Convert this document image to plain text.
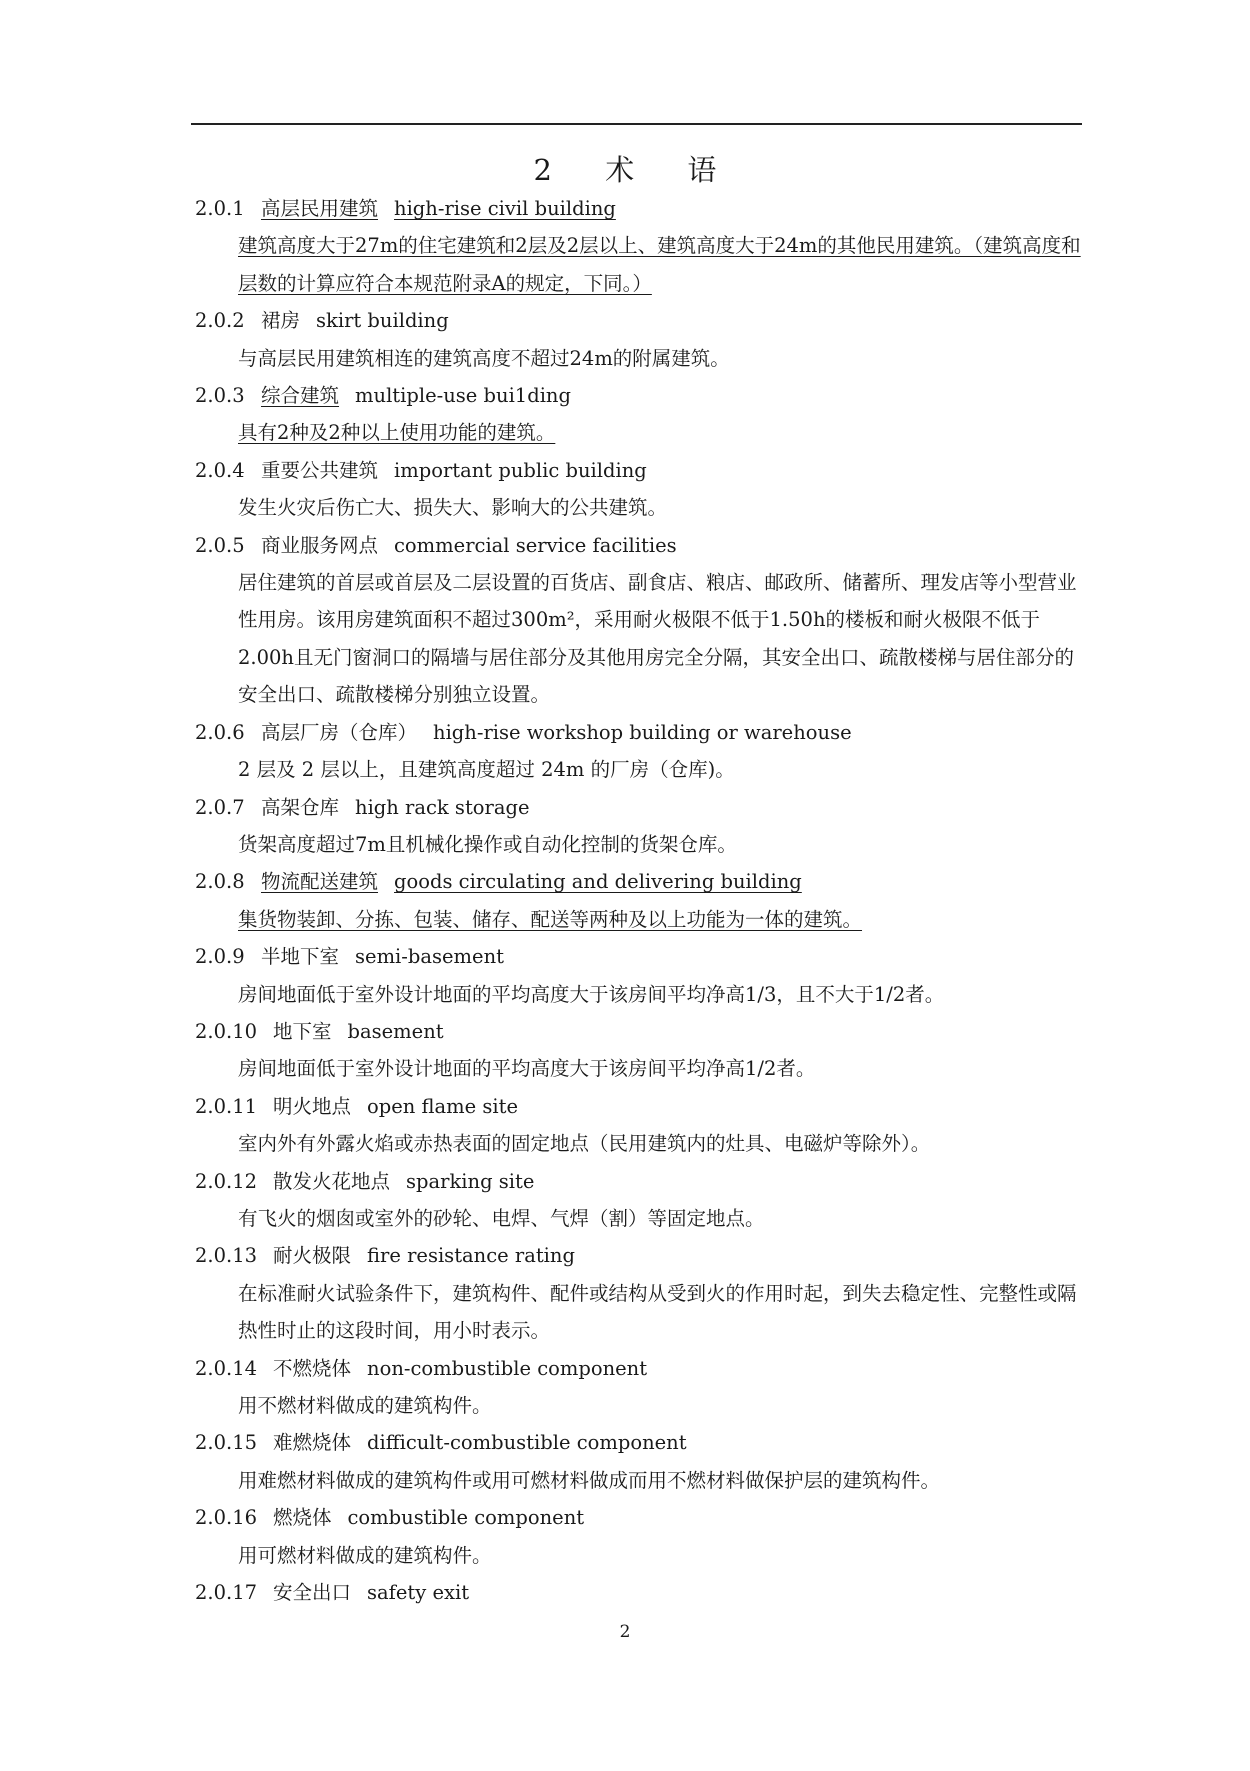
2 术 语
2.0.1 高层民用建筑 high-rise civil building
建筑高度大于27m的住宅建筑和2层及2层以上、建筑高度大于24m的其他民用建筑。（建筑高度和层数的计算应符合本规范附录A的规定，下同。）
2.0.2 裙房 skirt building
与高层民用建筑相连的建筑高度不超过24m的附属建筑。
2.0.3 综合建筑 multiple-use bui1ding
具有2种及2种以上使用功能的建筑。
2.0.4 重要公共建筑 important public building
发生火灾后伤亡大、损失大、影响大的公共建筑。
2.0.5 商业服务网点 commercial service facilities
居住建筑的首层或首层及二层设置的百货店、副食店、粮店、邮政所、储蓄所、理发店等小型营业性用房。该用房建筑面积不超过300m²，采用耐火极限不低于1.50h的楼板和耐火极限不低于2.00h且无门窗洞口的隔墙与居住部分及其他用房完全分隔，其安全出口、疏散楼梯与居住部分的安全出口、疏散楼梯分别独立设置。
2.0.6 高层厂房（仓库） high-rise workshop building or warehouse
2 层及 2 层以上，且建筑高度超过 24m 的厂房（仓库)。
2.0.7 高架仓库 high rack storage
货架高度超过7m且机械化操作或自动化控制的货架仓库。
2.0.8 物流配送建筑 goods circulating and delivering building
集货物装卸、分拣、包装、储存、配送等两种及以上功能为一体的建筑。
2.0.9 半地下室 semi-basement
房间地面低于室外设计地面的平均高度大于该房间平均净高1/3，且不大于1/2者。
2.0.10 地下室 basement
房间地面低于室外设计地面的平均高度大于该房间平均净高1/2者。
2.0.11 明火地点 open flame site
室内外有外露火焰或赤热表面的固定地点（民用建筑内的灶具、电磁炉等除外）。
2.0.12 散发火花地点 sparking site
有飞火的烟囱或室外的砂轮、电焊、气焊（割）等固定地点。
2.0.13 耐火极限 fire resistance rating
在标准耐火试验条件下，建筑构件、配件或结构从受到火的作用时起，到失去稳定性、完整性或隔热性时止的这段时间，用小时表示。
2.0.14 不燃烧体 non-combustible component
用不燃材料做成的建筑构件。
2.0.15 难燃烧体 difficult-combustible component
用难燃材料做成的建筑构件或用可燃材料做成而用不燃材料做保护层的建筑构件。
2.0.16 燃烧体 combustible component
用可燃材料做成的建筑构件。
2.0.17 安全出口 safety exit
2
